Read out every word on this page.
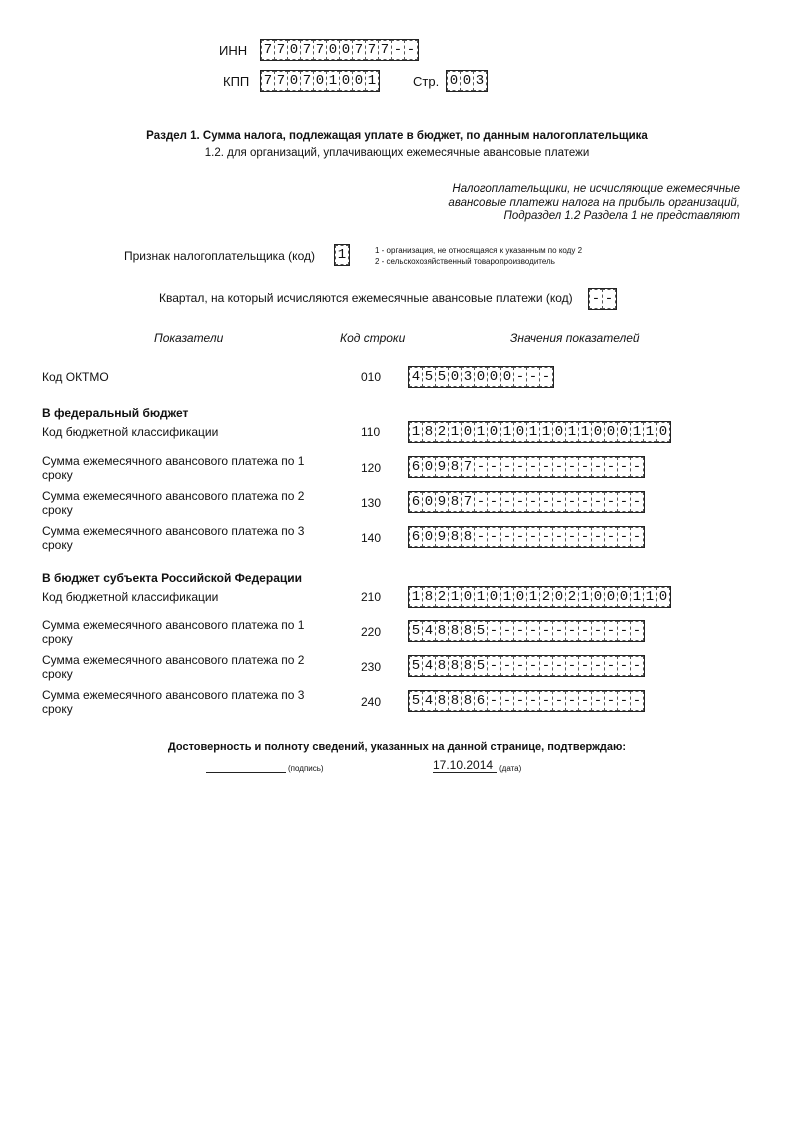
ИНН 7 7 0 7 7 0 0 7 7 7 - -
КПП 7 7 0 7 0 1 0 0 1	Стр. 0 0 3
Раздел 1. Сумма налога, подлежащая уплате в бюджет, по данным налогоплательщика
1.2. для организаций, уплачивающих ежемесячные авансовые платежи
Налогоплательщики, не исчисляющие ежемесячные
авансовые платежи налога на прибыль организаций,
Подраздел 1.2 Раздела 1 не представляют
Признак налогоплательщика (код) 1	1 - организация, не относящаяся к указанным по коду 2
2 - сельскохозяйственный товаропроизводитель
Квартал, на который исчисляются ежемесячные авансовые платежи (код) - -
Показатели	Код строки	Значения показателей
Код ОКТМО	010 4 5 5 0 3 0 0 0 - - -
В федеральный бюджет
Код бюджетной классификации	110 1 8 2 1 0 1 0 1 0 1 1 0 1 1 0 0 0 1 1 0
Сумма ежемесячного авансового платежа по 1 сроку	120 6 0 9 8 7 - - - - - - - - - - - - -
Сумма ежемесячного авансового платежа по 2 сроку	130 6 0 9 8 7 - - - - - - - - - - - - -
Сумма ежемесячного авансового платежа по 3 сроку	140 6 0 9 8 8 - - - - - - - - - - - - -
В бюджет субъекта Российской Федерации
Код бюджетной классификации	210 1 8 2 1 0 1 0 1 0 1 2 0 2 1 0 0 0 1 1 0
Сумма ежемесячного авансового платежа по 1 сроку	220 5 4 8 8 8 5 - - - - - - - - - - - -
Сумма ежемесячного авансового платежа по 2 сроку	230 5 4 8 8 8 5 - - - - - - - - - - - -
Сумма ежемесячного авансового платежа по 3 сроку	240 5 4 8 8 8 6 - - - - - - - - - - - -
Достоверность и полноту сведений, указанных на данной странице, подтверждаю:
(подпись)	17.10.2014 (дата)
